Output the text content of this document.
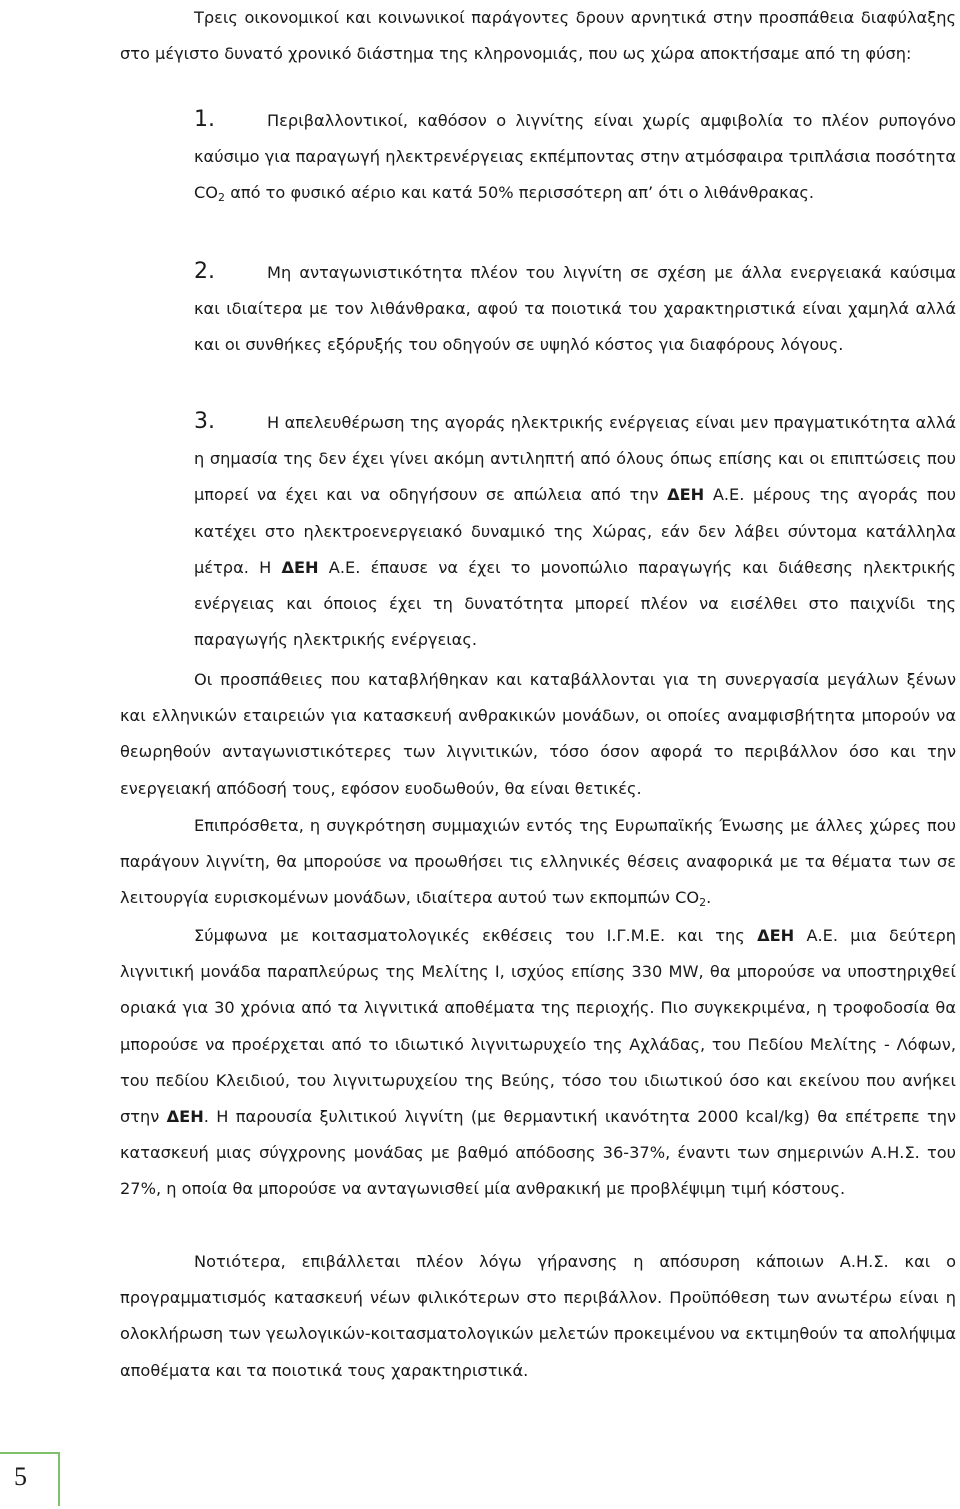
Τρεις οικονομικοί και κοινωνικοί παράγοντες δρουν αρνητικά στην προσπάθεια διαφύλαξης στο μέγιστο δυνατό χρονικό διάστημα της κληρονομιάς, που ως χώρα αποκτήσαμε από τη φύση:

1.	Περιβαλλοντικοί, καθόσον ο λιγνίτης είναι χωρίς αμφιβολία το πλέον ρυπογόνο καύσιμο για παραγωγή ηλεκτρενέργειας εκπέμποντας στην ατμόσφαιρα τριπλάσια ποσότητα $CO_2$ από το φυσικό αέριο και κατά 50% περισσότερη απ’ ότι ο λιθάνθρακας.

2.	Μη ανταγωνιστικότητα πλέον του λιγνίτη σε σχέση με άλλα ενεργειακά καύσιμα και ιδιαίτερα με τον λιθάνθρακα, αφού τα ποιοτικά του χαρακτηριστικά είναι χαμηλά αλλά και οι συνθήκες εξόρυξής του οδηγούν σε υψηλό κόστος για διαφόρους λόγους.

3.	Η απελευθέρωση της αγοράς ηλεκτρικής ενέργειας είναι μεν πραγματικότητα αλλά η σημασία της δεν έχει γίνει ακόμη αντιληπτή από όλους όπως επίσης και οι επιπτώσεις που μπορεί να έχει και να οδηγήσουν σε απώλεια από την ΔΕΗ Α.Ε. μέρους της αγοράς που κατέχει στο ηλεκτροενεργειακό δυναμικό της Χώρας, εάν δεν λάβει σύντομα κατάλληλα μέτρα. Η ΔΕΗ Α.Ε. έπαυσε να έχει το μονοπώλιο παραγωγής και διάθεσης ηλεκτρικής ενέργειας και όποιος έχει τη δυνατότητα μπορεί πλέον να εισέλθει στο παιχνίδι της παραγωγής ηλεκτρικής ενέργειας.

Οι προσπάθειες που καταβλήθηκαν και καταβάλλονται για τη συνεργασία μεγάλων ξένων και ελληνικών εταιρειών για κατασκευή ανθρακικών μονάδων, οι οποίες αναμφισβήτητα μπορούν να θεωρηθούν ανταγωνιστικότερες των λιγνιτικών, τόσο όσον αφορά το περιβάλλον όσο και την ενεργειακή απόδοσή τους, εφόσον ευοδωθούν, θα είναι θετικές.

Επιπρόσθετα, η συγκρότηση συμμαχιών εντός της Ευρωπαϊκής Ένωσης με άλλες χώρες που παράγουν λιγνίτη, θα μπορούσε να προωθήσει τις ελληνικές θέσεις αναφορικά με τα θέματα των σε λειτουργία ευρισκομένων μονάδων, ιδιαίτερα αυτού των εκπομπών $CO_2$.

Σύμφωνα με κοιτασματολογικές εκθέσεις του Ι.Γ.Μ.Ε. και της ΔΕΗ Α.Ε. μια δεύτερη λιγνιτική μονάδα παραπλεύρως της Μελίτης Ι, ισχύος επίσης 330 MW, θα μπορούσε να υποστηριχθεί οριακά για 30 χρόνια από τα λιγνιτικά αποθέματα της περιοχής. Πιο συγκεκριμένα, η τροφοδοσία θα μπορούσε να προέρχεται από το ιδιωτικό λιγνιτωρυχείο της Αχλάδας, του Πεδίου Μελίτης - Λόφων, του πεδίου Κλειδιού, του λιγνιτωρυχείου της Βεύης, τόσο του ιδιωτικού όσο και εκείνου που ανήκει στην ΔΕΗ. Η παρουσία ξυλιτικού λιγνίτη (με θερμαντική ικανότητα 2000 kcal/kg) θα επέτρεπε την κατασκευή μιας σύγχρονης μονάδας με βαθμό απόδοσης 36-37%, έναντι των σημερινών Α.Η.Σ. του 27%, η οποία θα μπορούσε να ανταγωνισθεί μία ανθρακική με προβλέψιμη τιμή κόστους.

Νοτιότερα, επιβάλλεται πλέον λόγω γήρανσης η απόσυρση κάποιων Α.Η.Σ. και ο προγραμματισμός κατασκευή νέων φιλικότερων στο περιβάλλον. Προϋπόθεση των ανωτέρω είναι η ολοκλήρωση των γεωλογικών-κοιτασματολογικών μελετών προκειμένου να εκτιμηθούν τα απολήψιμα αποθέματα και τα ποιοτικά τους χαρακτηριστικά.

5
